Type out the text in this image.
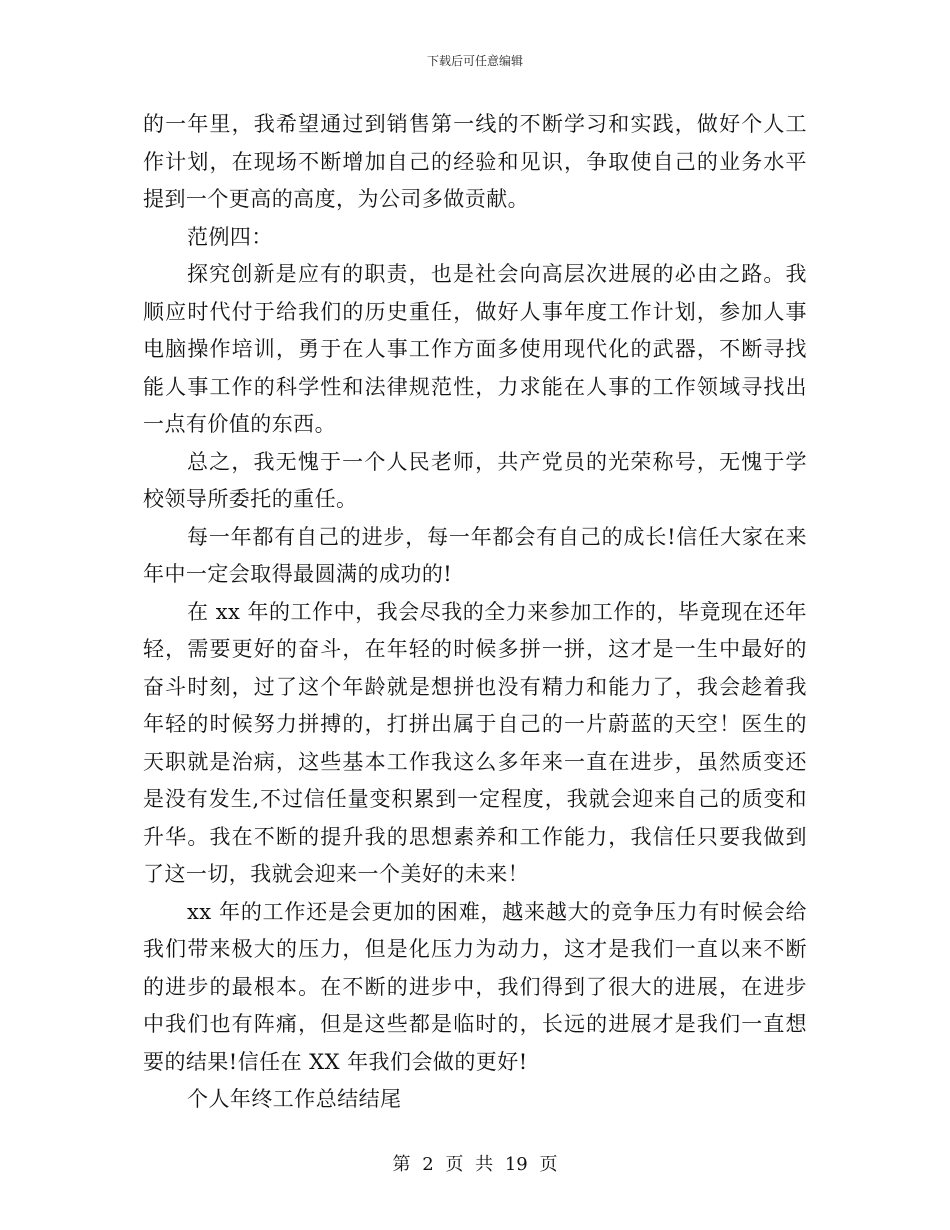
下载后可任意编辑

的一年里，我希望通过到销售第一线的不断学习和实践，做好个人工作计划，在现场不断增加自己的经验和见识，争取使自己的业务水平提到一个更高的高度，为公司多做贡献。

范例四：

探究创新是应有的职责，也是社会向高层次进展的必由之路。我顺应时代付于给我们的历史重任，做好人事年度工作计划，参加人事电脑操作培训，勇于在人事工作方面多使用现代化的武器，不断寻找能人事工作的科学性和法律规范性，力求能在人事的工作领域寻找出一点有价值的东西。

总之，我无愧于一个人民老师，共产党员的光荣称号，无愧于学校领导所委托的重任。

每一年都有自己的进步，每一年都会有自己的成长!信任大家在来年中一定会取得最圆满的成功的!

在 xx 年的工作中，我会尽我的全力来参加工作的，毕竟现在还年轻，需要更好的奋斗，在年轻的时候多拼一拼，这才是一生中最好的奋斗时刻，过了这个年龄就是想拼也没有精力和能力了，我会趁着我年轻的时候努力拼搏的，打拼出属于自己的一片蔚蓝的天空！医生的天职就是治病，这些基本工作我这么多年来一直在进步，虽然质变还是没有发生,不过信任量变积累到一定程度，我就会迎来自己的质变和升华。我在不断的提升我的思想素养和工作能力，我信任只要我做到了这一切，我就会迎来一个美好的未来！

xx 年的工作还是会更加的困难，越来越大的竞争压力有时候会给我们带来极大的压力，但是化压力为动力，这才是我们一直以来不断的进步的最根本。在不断的进步中，我们得到了很大的进展，在进步中我们也有阵痛，但是这些都是临时的，长远的进展才是我们一直想要的结果!信任在 XX 年我们会做的更好!

个人年终工作总结结尾

第 2 页 共 19 页
